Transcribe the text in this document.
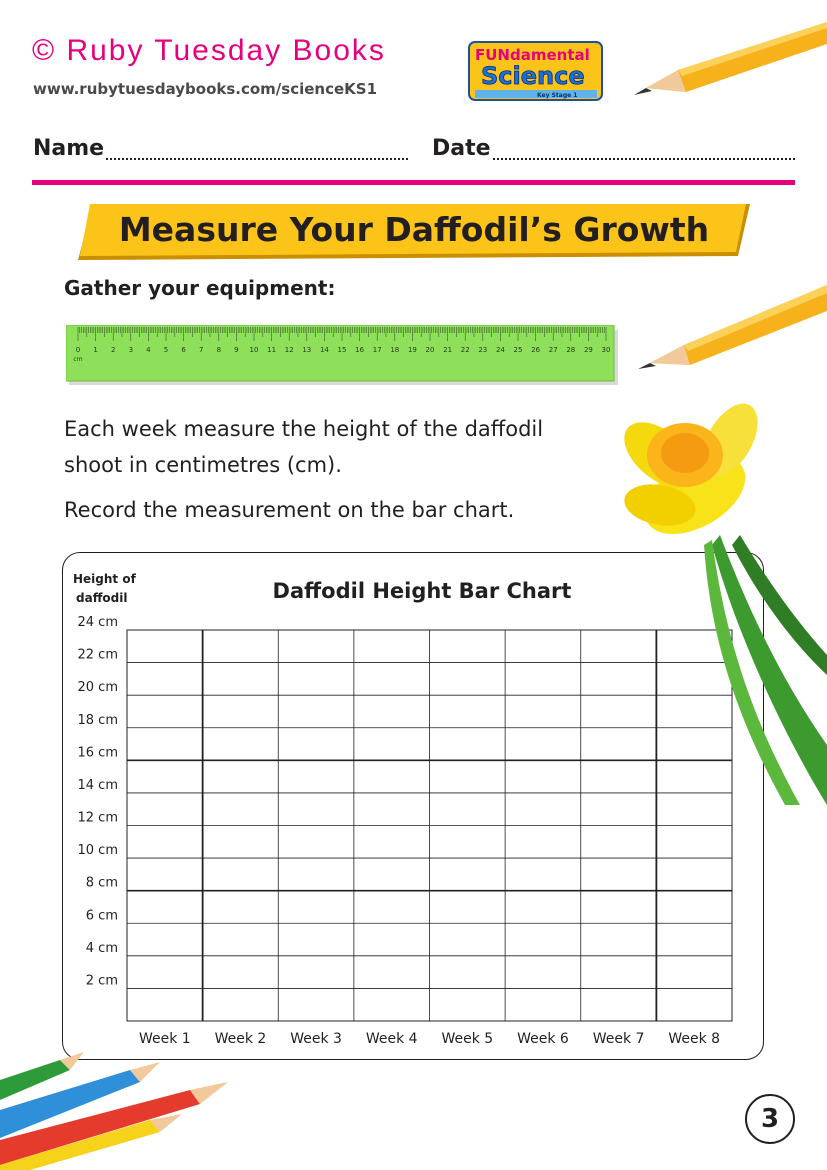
© Ruby Tuesday Books
www.rubytuesdaybooks.com/scienceKS1
FUNdamental
Science
Key Stage 1
Name	Date
Measure Your Daffodil’s Growth
Gather your equipment:
0 1 2 3 4 5 6 7 8 9 10 11 12 13 14 15 16 17 18 19 20 21 22 23 24 25 26 27 28 29 30
cm
Each week measure the height of the daffodil shoot in centimetres (cm).
Record the measurement on the bar chart.
Height of
daffodil	Daffodil Height Bar Chart
24 cm
22 cm
20 cm
18 cm
16 cm
14 cm
12 cm
10 cm
8 cm
6 cm
4 cm
2 cm
Week 1 Week 2 Week 3 Week 4 Week 5 Week 6 Week 7 Week 8
3
